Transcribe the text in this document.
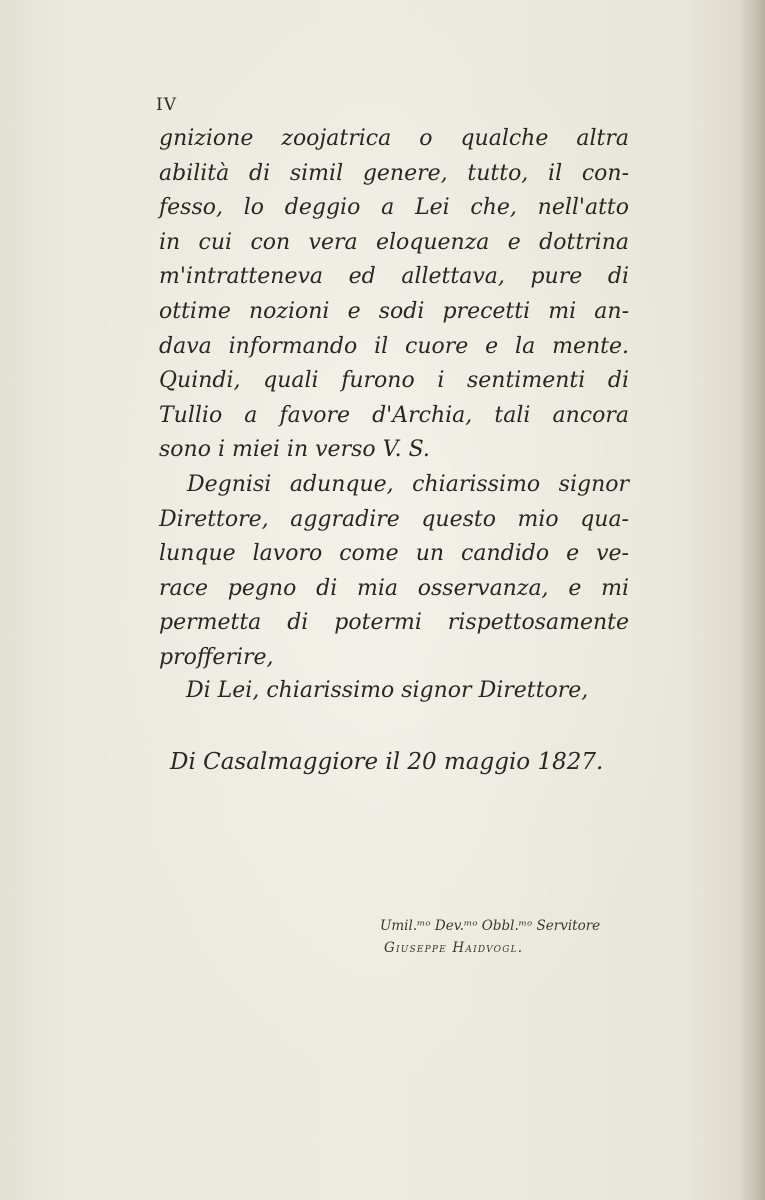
IV
gnizione zoojatrica o qualche altra
abilità di simil genere, tutto, il con-
fesso, lo deggio a Lei che, nell'atto
in cui con vera eloquenza e dottrina
m'intratteneva ed allettava, pure di
ottime nozioni e sodi precetti mi an-
dava informando il cuore e la mente.
Quindi, quali furono i sentimenti di
Tullio a favore d'Archia, tali ancora
sono i miei in verso V. S.
Degnisi adunque, chiarissimo signor
Direttore, aggradire questo mio qua-
lunque lavoro come un candido e ve-
race pegno di mia osservanza, e mi
permetta di potermi rispettosamente
profferire,
Di Lei, chiarissimo signor Direttore,
Di Casalmaggiore il 20 maggio 1827.
Umil.ᵐᵒ Dev.ᵐᵒ Obbl.ᵐᵒ Servitore
Giuseppe Haidvogl.
